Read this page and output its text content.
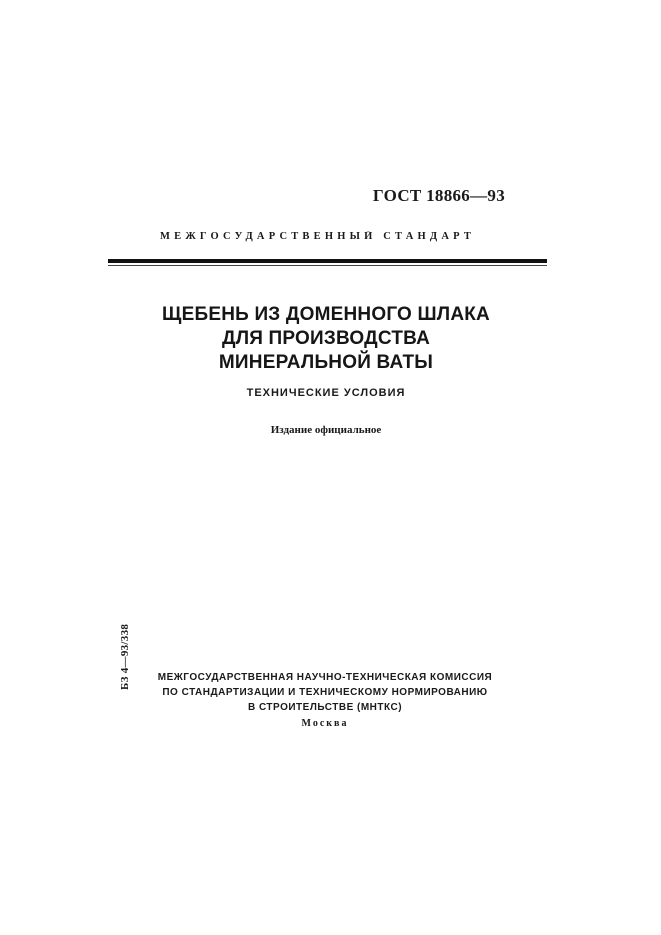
ГОСТ 18866—93
МЕЖГОСУДАРСТВЕННЫЙ СТАНДАРТ
ЩЕБЕНЬ ИЗ ДОМЕННОГО ШЛАКА
ДЛЯ ПРОИЗВОДСТВА
МИНЕРАЛЬНОЙ ВАТЫ
ТЕХНИЧЕСКИЕ УСЛОВИЯ
Издание официальное
БЗ 4—93/338	МЕЖГОСУДАРСТВЕННАЯ НАУЧНО-ТЕХНИЧЕСКАЯ КОМИССИЯ
ПО СТАНДАРТИЗАЦИИ И ТЕХНИЧЕСКОМУ НОРМИРОВАНИЮ
В СТРОИТЕЛЬСТВЕ (МНТКС)
Москва
